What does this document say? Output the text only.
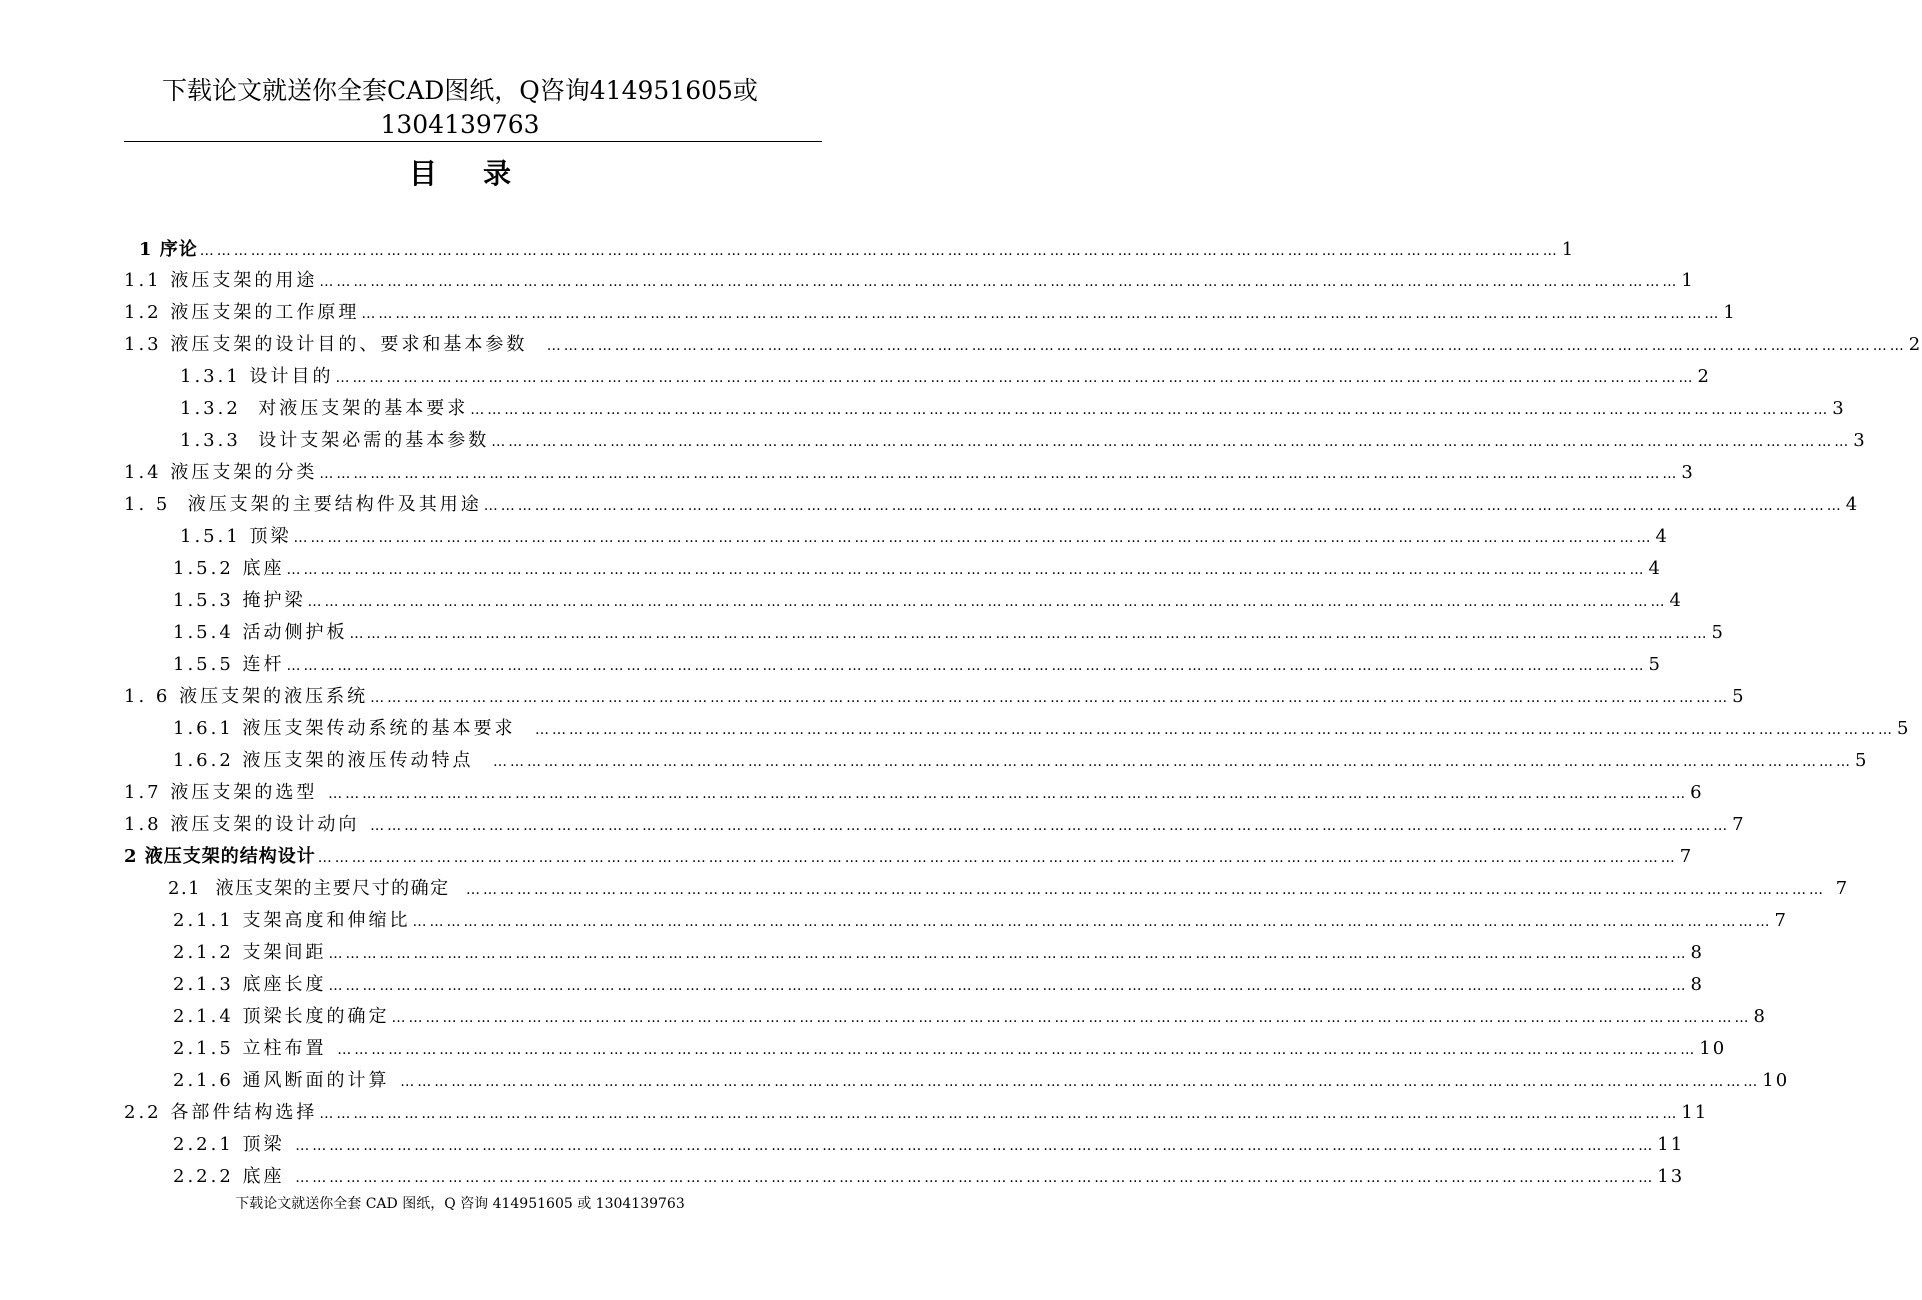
下载论文就送你全套CAD图纸，Q咨询414951605或
1304139763
目录
1 序论 …………………………………………………………………………………………………………………………………………………………………………………………………………………… 1
1.1 液压支架的用途 …………………………………………………………………………………………………………………………………………………………………………………………………………………… 1
1.2 液压支架的工作原理 …………………………………………………………………………………………………………………………………………………………………………………………………………………… 1
1.3 液压支架的设计目的、要求和基本参数 …………………………………………………………………………………………………………………………………………………………………………………………………………………… 2
1.3.1 设计目的 …………………………………………………………………………………………………………………………………………………………………………………………………………………… 2
1.3.2  对液压支架的基本要求 …………………………………………………………………………………………………………………………………………………………………………………………………………………… 3
1.3.3  设计支架必需的基本参数 …………………………………………………………………………………………………………………………………………………………………………………………………………………… 3
1.4 液压支架的分类 …………………………………………………………………………………………………………………………………………………………………………………………………………………… 3
1. 5  液压支架的主要结构件及其用途 …………………………………………………………………………………………………………………………………………………………………………………………………………………… 4
1.5.1 顶梁 …………………………………………………………………………………………………………………………………………………………………………………………………………………… 4
1.5.2 底座 …………………………………………………………………………………………………………………………………………………………………………………………………………………… 4
1.5.3 掩护梁 …………………………………………………………………………………………………………………………………………………………………………………………………………………… 4
1.5.4 活动侧护板 …………………………………………………………………………………………………………………………………………………………………………………………………………………… 5
1.5.5 连杆 …………………………………………………………………………………………………………………………………………………………………………………………………………………… 5
1. 6 液压支架的液压系统 …………………………………………………………………………………………………………………………………………………………………………………………………………………… 5
1.6.1 液压支架传动系统的基本要求 …………………………………………………………………………………………………………………………………………………………………………………………………………………… 5
1.6.2 液压支架的液压传动特点 …………………………………………………………………………………………………………………………………………………………………………………………………………………… 5
1.7 液压支架的选型 …………………………………………………………………………………………………………………………………………………………………………………………………………………… 6
1.8 液压支架的设计动向 …………………………………………………………………………………………………………………………………………………………………………………………………………………… 7
2 液压支架的结构设计 …………………………………………………………………………………………………………………………………………………………………………………………………………………… 7
2.1  液压支架的主要尺寸的确定 …………………………………………………………………………………………………………………………………………………………………………………………………………………… 7
2.1.1 支架高度和伸缩比 …………………………………………………………………………………………………………………………………………………………………………………………………………………… 7
2.1.2 支架间距 …………………………………………………………………………………………………………………………………………………………………………………………………………………… 8
2.1.3 底座长度 …………………………………………………………………………………………………………………………………………………………………………………………………………………… 8
2.1.4 顶梁长度的确定 …………………………………………………………………………………………………………………………………………………………………………………………………………………… 8
2.1.5 立柱布置 …………………………………………………………………………………………………………………………………………………………………………………………………………………… 10
2.1.6 通风断面的计算 …………………………………………………………………………………………………………………………………………………………………………………………………………………… 10
2.2 各部件结构选择 …………………………………………………………………………………………………………………………………………………………………………………………………………………… 11
2.2.1 顶梁 …………………………………………………………………………………………………………………………………………………………………………………………………………………… 11
2.2.2 底座 …………………………………………………………………………………………………………………………………………………………………………………………………………………… 13
下载论文就送你全套 CAD 图纸，Q 咨询 414951605 或 1304139763
